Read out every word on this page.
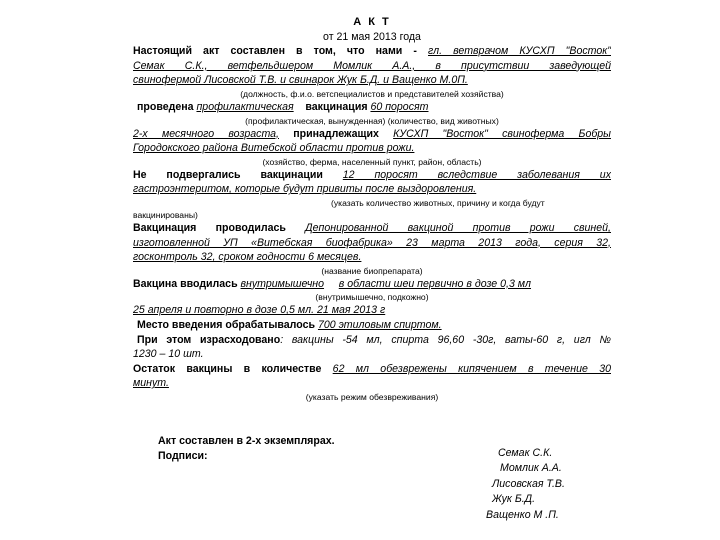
А К Т
от 21 мая 2013 года
Настоящий акт составлен в том, что нами - гл. ветврачом КУСХП "Восток"
Семак С.К., ветфельдшером Момлик А.А., в присутствии заведующей
свинофермой Лисовской Т.В. и свинарок Жук Б.Д. и Ващенко М.0П.
(должность, ф.и.о. ветспециалистов и представителей хозяйства)
проведена профилактическая вакцинация 60 поросят
(профилактическая, вынужденная) (количество, вид животных)
2-х месячного возраста, принадлежащих КУСХП "Восток" свиноферма Бобры
Городокского района Витебской области против рожи.
(хозяйство, ферма, населенный пункт, район, область)
Не подвергались вакцинации 12 поросят вследствие заболевания их
гастроэнтеритом, которые будут привиты после выздоровления.
(указать количество животных, причину и когда будут
вакцинированы)
Вакцинация проводилась Депонированной вакциной против рожи свиней,
изготовленной УП «Витебская биофабрика» 23 марта 2013 года, серия 32,
госконтроль 32, сроком годности 6 месяцев.
(название биопрепарата)
Вакцина вводилась внутримышечно в области шеи первично в дозе 0,3 мл
(внутримышечно, подкожно)
25 апреля и повторно в дозе 0,5 мл. 21 мая 2013 г
Место введения обрабатывалось 700 этиловым спиртом.
При этом израсходовано: вакцины -54 мл, спирта 96,60 -30г, ваты-60 г, игл №
1230 – 10 шт.
Остаток вакцины в количестве 62 мл обезврежены кипячением в течение 30
минут.
(указать режим обезвреживания)
Акт составлен в 2-х экземплярах.
Подписи:	Семак С.К.
Момлик А.А.
Лисовская Т.В.
Жук Б.Д.
Ващенко М .П.
